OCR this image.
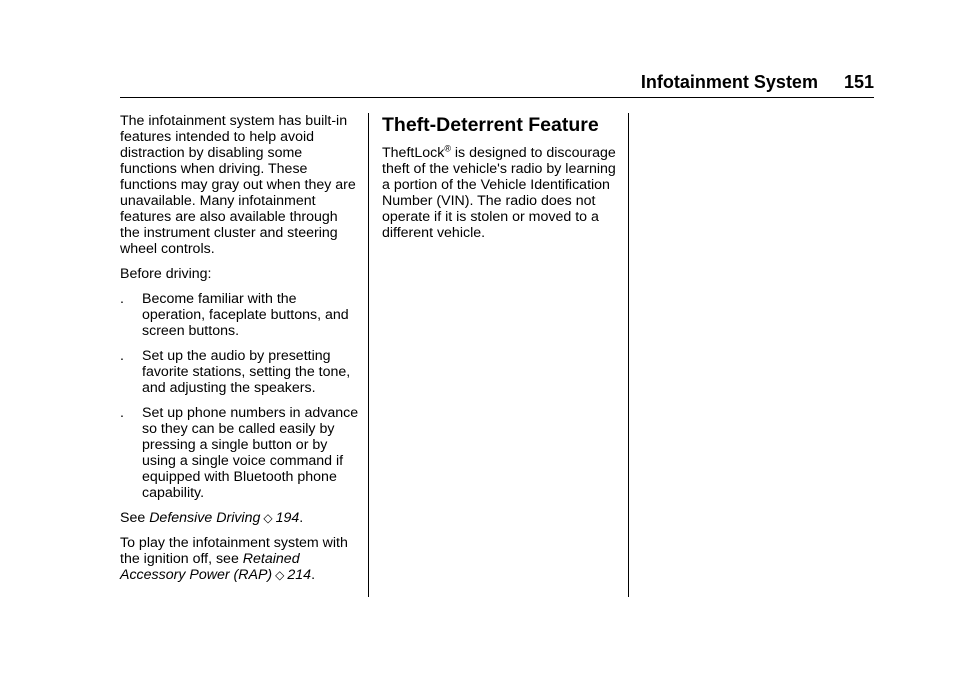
Infotainment System 151

The infotainment system has built-in features intended to help avoid distraction by disabling some functions when driving. These functions may gray out when they are unavailable. Many infotainment features are also available through the instrument cluster and steering wheel controls.

Before driving:

. Become familiar with the operation, faceplate buttons, and screen buttons.
. Set up the audio by presetting favorite stations, setting the tone, and adjusting the speakers.
. Set up phone numbers in advance so they can be called easily by pressing a single button or by using a single voice command if equipped with Bluetooth phone capability.

See Defensive Driving ◇ 194.

To play the infotainment system with the ignition off, see Retained Accessory Power (RAP) ◇ 214.

Theft-Deterrent Feature

TheftLock® is designed to discourage theft of the vehicle's radio by learning a portion of the Vehicle Identification Number (VIN). The radio does not operate if it is stolen or moved to a different vehicle.
